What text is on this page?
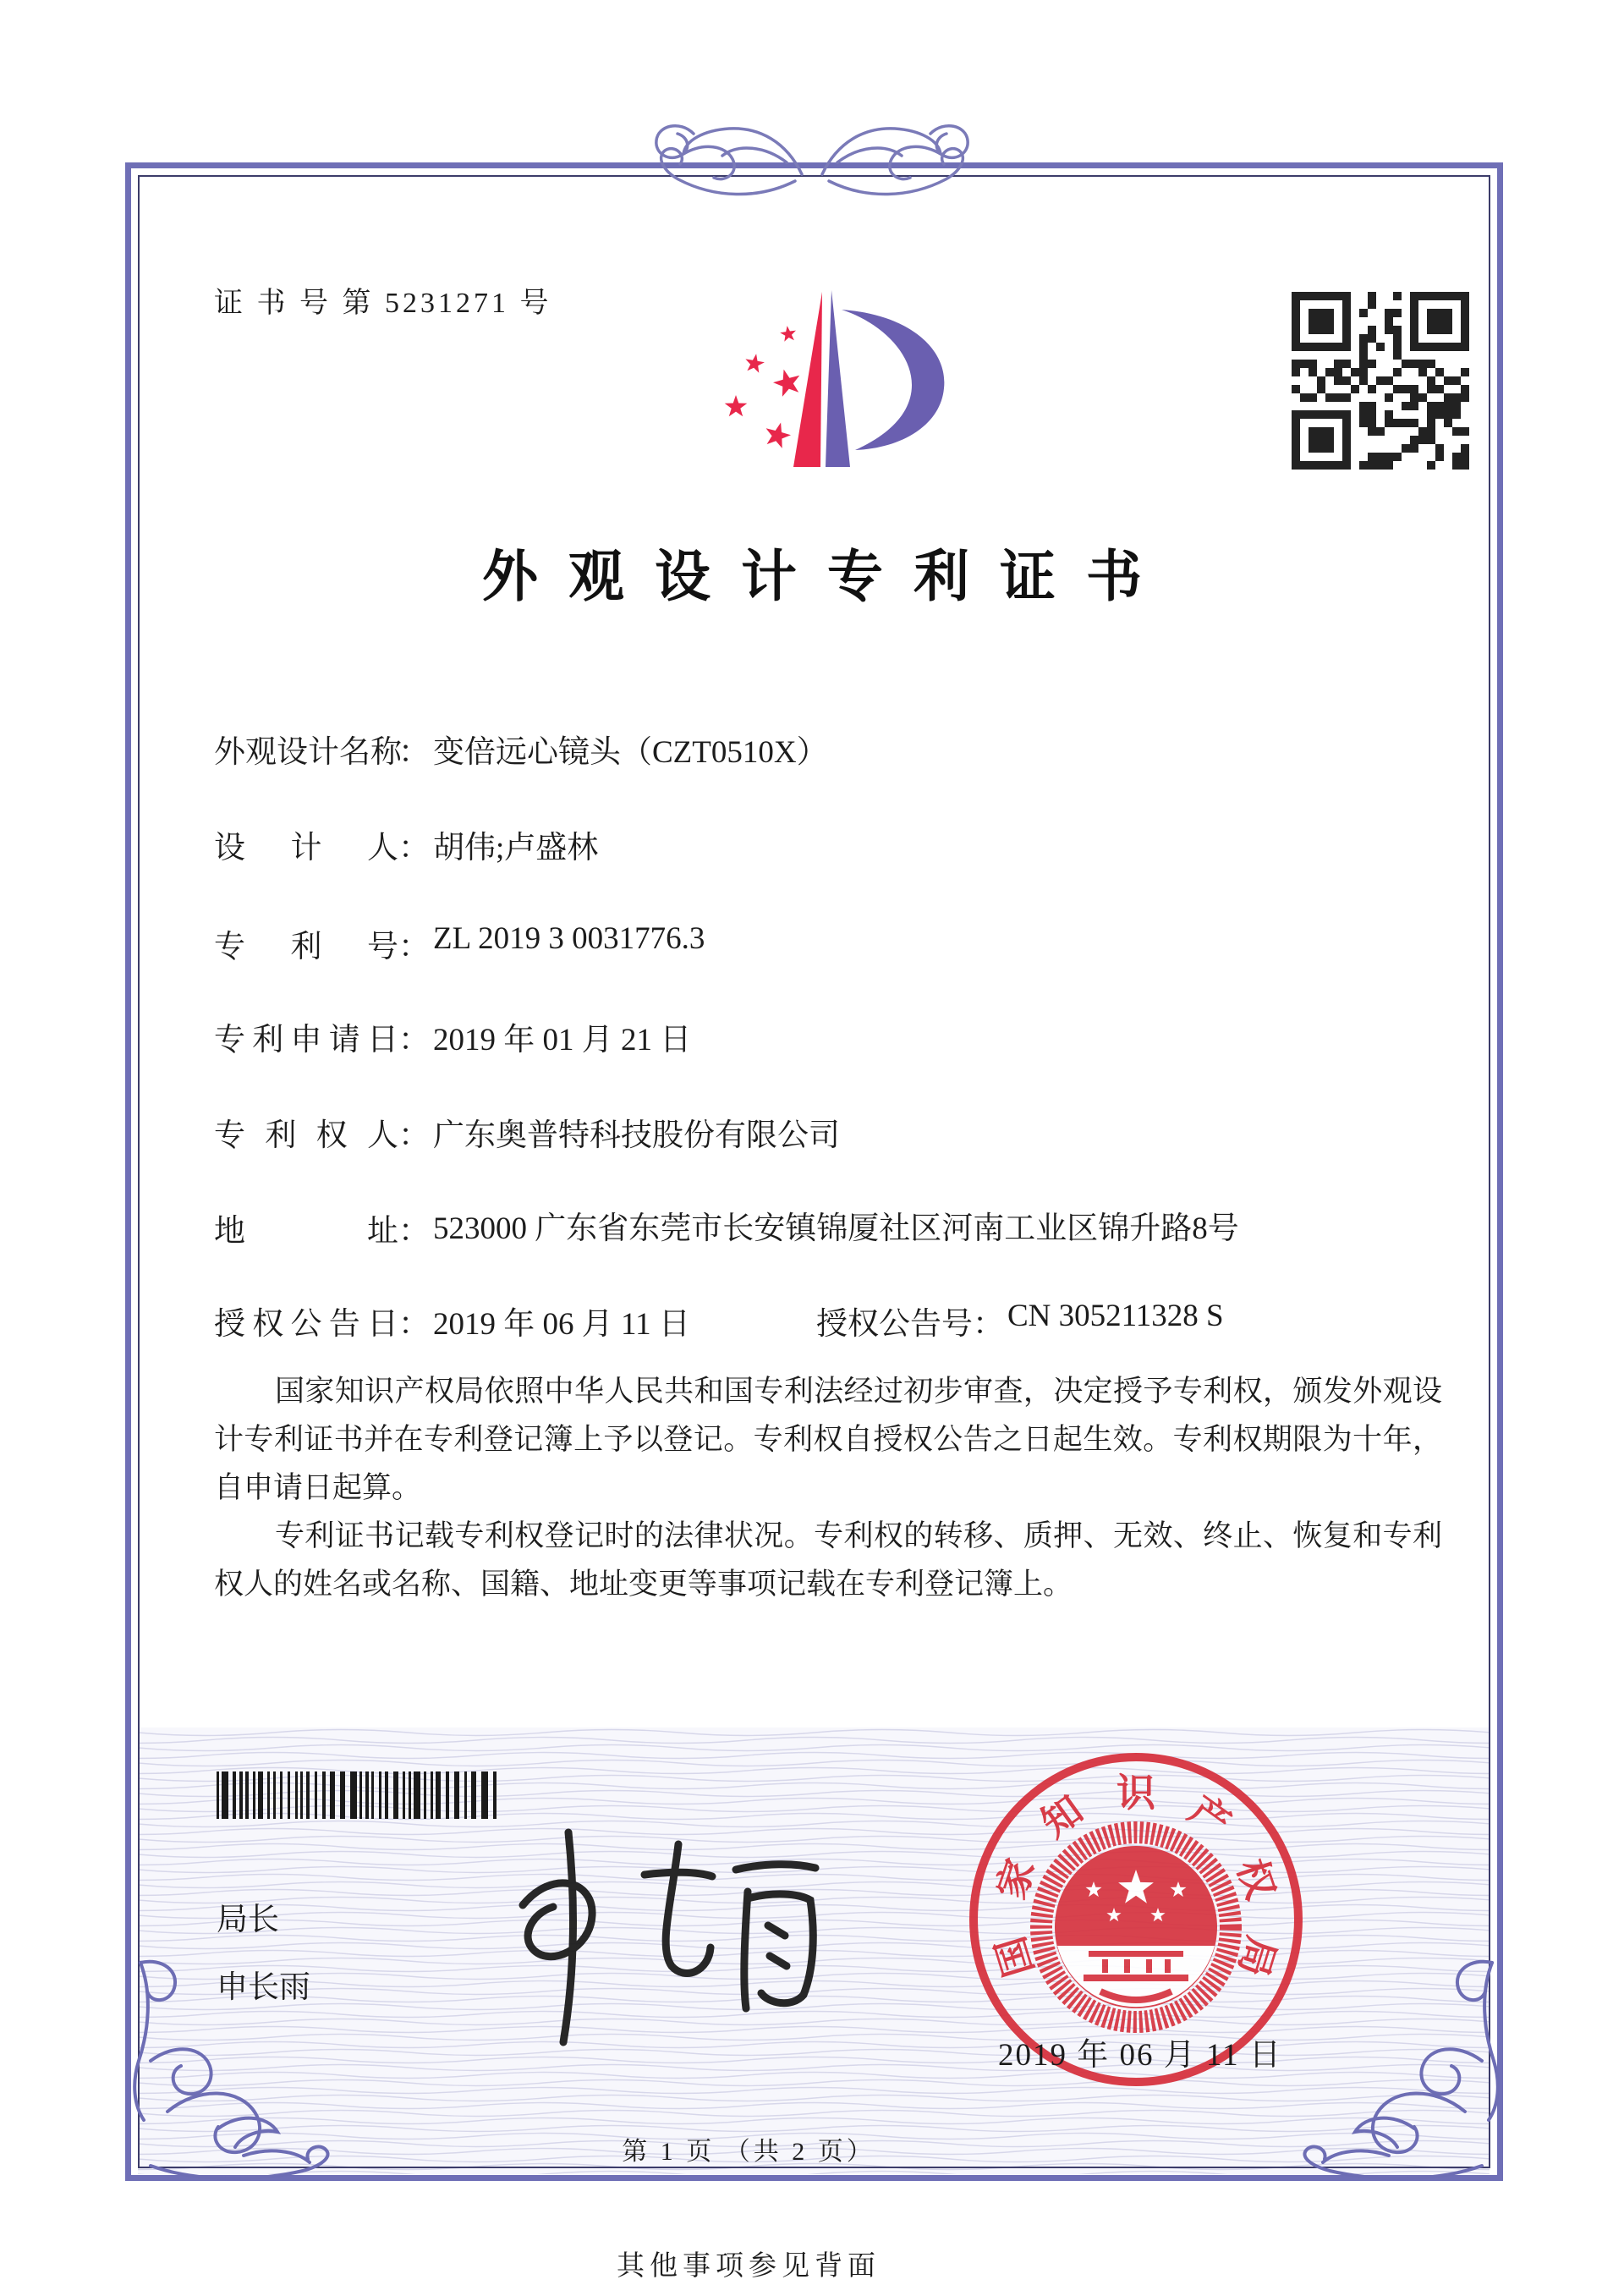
证 书 号 第 5231271 号
外观设计专利证书
外观设计名称： 变倍远心镜头（CZT0510X）
设计人： 胡伟;卢盛林
专利号： ZL 2019 3 0031776.3
专利申请日： 2019 年 01 月 21 日
专利权人： 广东奥普特科技股份有限公司
地址： 523000 广东省东莞市长安镇锦厦社区河南工业区锦升路8号
授权公告日： 2019 年 06 月 11 日	授权公告号： CN 305211328 S

国家知识产权局依照中华人民共和国专利法经过初步审查，决定授予专利权，颁发外观设计专利证书并在专利登记簿上予以登记。专利权自授权公告之日起生效。专利权期限为十年，自申请日起算。

专利证书记载专利权登记时的法律状况。专利权的转移、质押、无效、终止、恢复和专利权人的姓名或名称、国籍、地址变更等事项记载在专利登记簿上。

局长
申长雨
国
家
知 识 产
权
局
2019 年 06 月 11 日
第 1 页 （共 2 页）
其他事项参见背面
